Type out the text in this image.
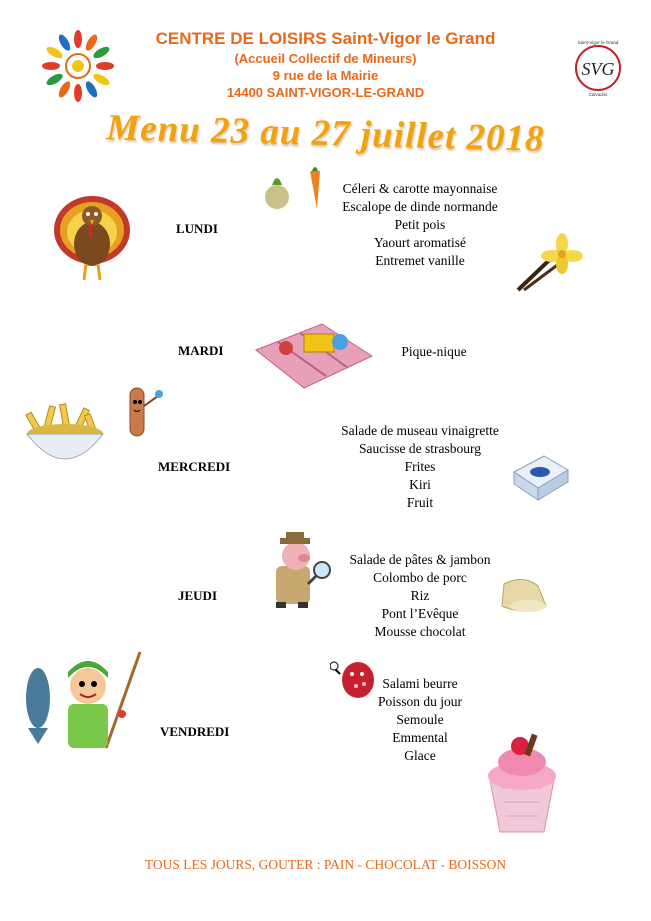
CENTRE DE LOISIRS Saint-Vigor le Grand
(Accueil Collectif de Mineurs)
9 rue de la Mairie
14400 SAINT-VIGOR-LE-GRAND
SVG
Saint-Vigor le Grand
Calvados
Menu 23 au 27 juillet 2018
LUNDI
Céleri & carotte mayonnaise
Escalope de dinde normande
Petit pois
Yaourt aromatisé
Entremet vanille
MARDI	Pique-nique
MERCREDI
Salade de museau vinaigrette
Saucisse de strasbourg
Frites
Kiri
Fruit
JEUDI
Salade de pâtes & jambon
Colombo de porc
Riz
Pont l’Evêque
Mousse chocolat
VENDREDI
Salami beurre
Poisson du jour
Semoule
Emmental
Glace
TOUS LES JOURS, GOUTER : PAIN - CHOCOLAT - BOISSON
